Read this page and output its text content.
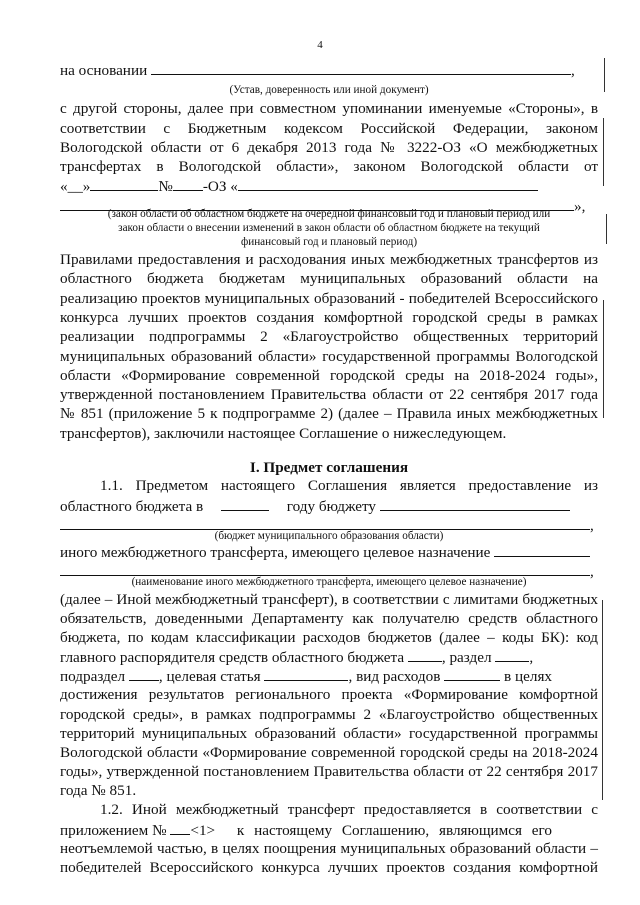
4
на основании	,
(Устав, доверенность или иной документ)
с другой стороны, далее при совместном упоминании именуемые «Стороны», в
соответствии с Бюджетным кодексом Российской Федерации, законом
Вологодской области от 6 декабря 2013 года № 3222-ОЗ «О межбюджетных
трансфертах в Вологодской области», законом Вологодской области от
«__»	№ -ОЗ «
»,
(закон области об областном бюджете на очередной финансовый год и плановый период или
закон области о внесении изменений в закон области об областном бюджете на текущий
финансовый год и плановый период)
Правилами предоставления и расходования иных межбюджетных трансфертов из
областного бюджета бюджетам муниципальных образований области на
реализацию проектов муниципальных образований - победителей Всероссийского
конкурса лучших проектов создания комфортной городской среды в рамках
реализации подпрограммы 2 «Благоустройство общественных территорий
муниципальных образований области» государственной программы Вологодской
области «Формирование современной городской среды на 2018-2024 годы»,
утвержденной постановлением Правительства области от 22 сентября 2017 года
№ 851 (приложение 5 к подпрограмме 2) (далее – Правила иных межбюджетных
трансфертов), заключили настоящее Соглашение о нижеследующем.
I. Предмет соглашения
1.1. Предметом настоящего Соглашения является предоставление из
областного бюджета в	году бюджету
,
(бюджет муниципального образования области)
иного межбюджетного трансферта, имеющего целевое назначение
,
(наименование иного межбюджетного трансферта, имеющего целевое назначение)
(далее – Иной межбюджетный трансферт), в соответствии с лимитами бюджетных
обязательств, доведенными Департаменту как получателю средств областного
бюджета, по кодам классификации расходов бюджетов (далее – коды БК): код
главного распорядителя средств областного бюджета , раздел ,
подраздел , целевая статья	, вид расходов	в целях
достижения результатов регионального проекта «Формирование комфортной
городской среды», в рамках подпрограммы 2 «Благоустройство общественных
территорий муниципальных образований области» государственной программы
Вологодской области «Формирование современной городской среды на 2018-2024
годы», утвержденной постановлением Правительства области от 22 сентября 2017
года № 851.
1.2. Иной межбюджетный трансферт предоставляется в соответствии с
приложением № <1> к настоящему Соглашению, являющимся его
неотъемлемой частью, в целях поощрения муниципальных образований области –
победителей Всероссийского конкурса лучших проектов создания комфортной
